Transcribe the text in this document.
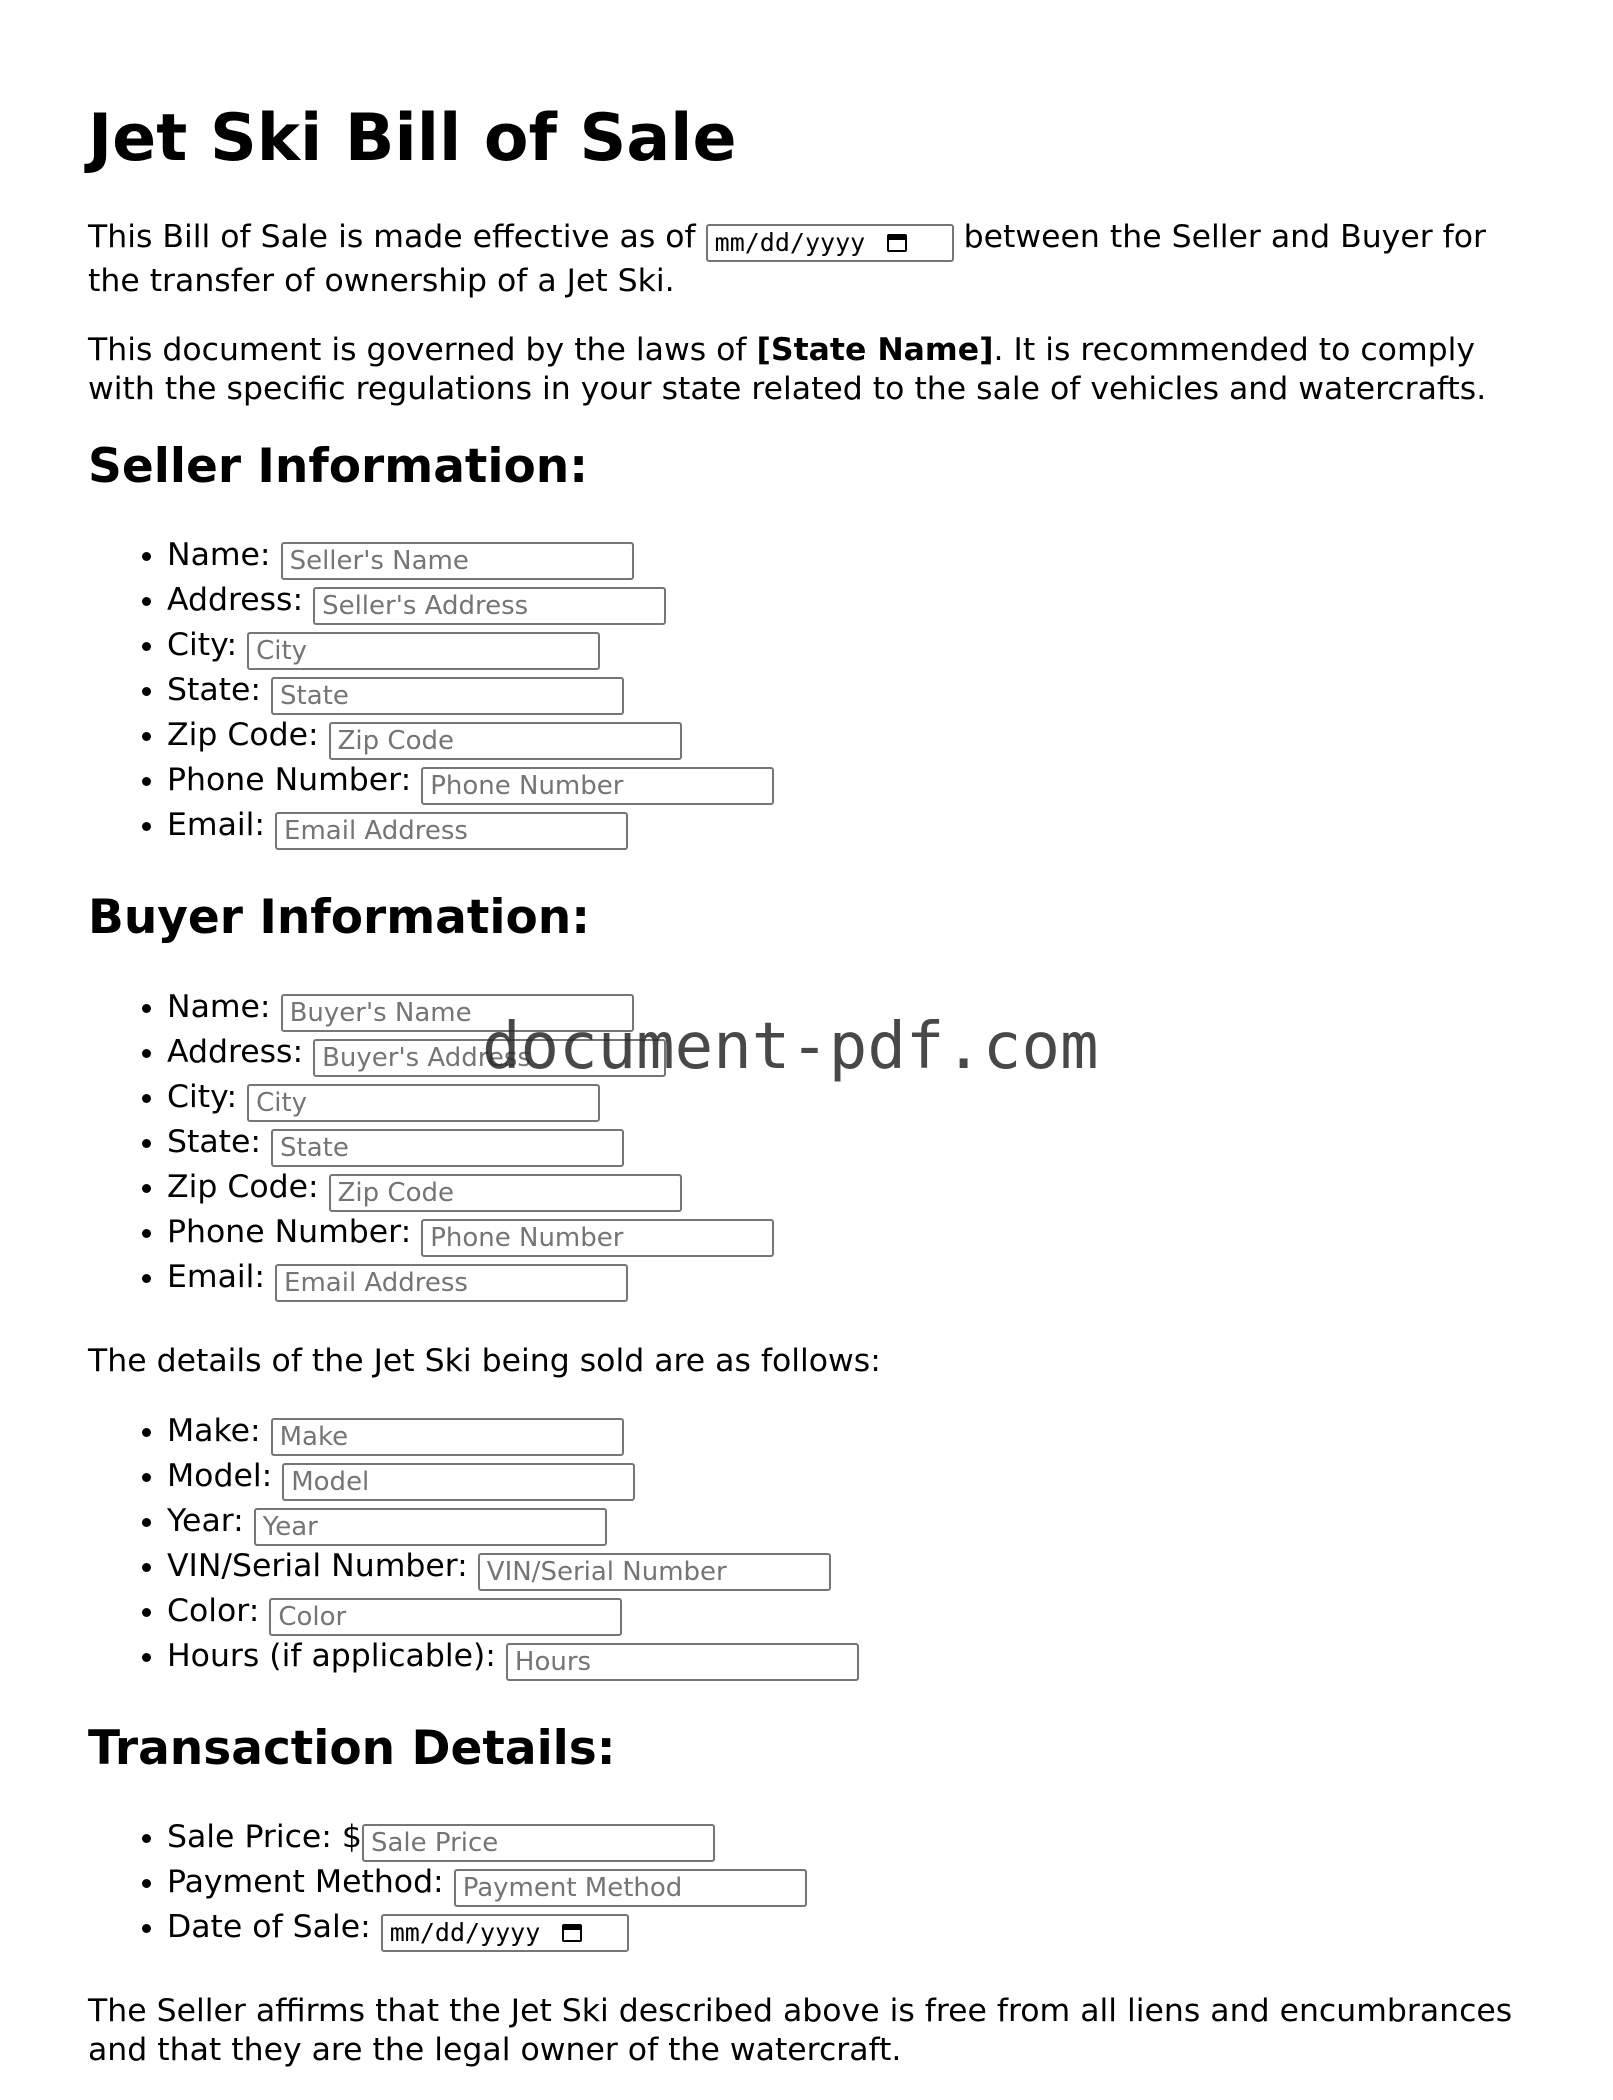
Jet Ski Bill of Sale

This Bill of Sale is made effective as of mm/dd/yyyy	between the Seller and Buyer for the transfer of ownership of a Jet Ski.

This document is governed by the laws of [State Name]. It is recommended to comply with the specific regulations in your state related to the sale of vehicles and watercrafts.

Seller Information:
• Name: Seller's Name
• Address: Seller's Address
• City: City
• State: State
• Zip Code: Zip Code
• Phone Number: Phone Number
• Email: Email Address
Buyer Information:
• Name: Buyer's Name
• Address: Buyer's Address
• City: City
• State: State
• Zip Code: Zip Code
• Phone Number: Phone Number
• Email: Email Address

The details of the Jet Ski being sold are as follows:

• Make: Make
• Model: Model
• Year: Year
• VIN/Serial Number: VIN/Serial Number
• Color: Color
• Hours (if applicable): Hours
Transaction Details:
• Sale Price: $Sale Price
• Payment Method: Payment Method
• Date of Sale: mm/dd/yyyy

The Seller affirms that the Jet Ski described above is free from all liens and encumbrances and that they are the legal owner of the watercraft.

document-pdf.com
